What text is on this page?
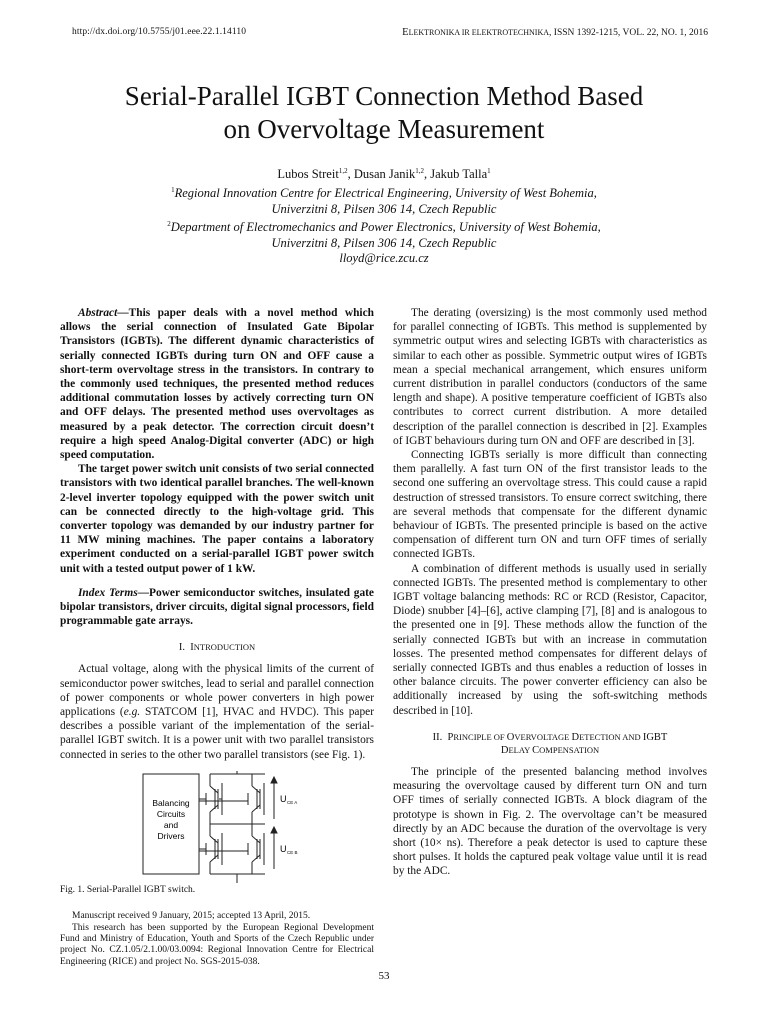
http://dx.doi.org/10.5755/j01.eee.22.1.14110	ELEKTRONIKA IR ELEKTROTECHNIKA, ISSN 1392-1215, VOL. 22, NO. 1, 2016
Serial-Parallel IGBT Connection Method Based
on Overvoltage Measurement
Lubos Streit$^{1,2}$, Dusan Janik$^{1,2}$, Jakub Talla$^1$
$^1$Regional Innovation Centre for Electrical Engineering, University of West Bohemia,
Univerzitni 8, Pilsen 306 14, Czech Republic
$^2$Department of Electromechanics and Power Electronics, University of West Bohemia,
Univerzitni 8, Pilsen 306 14, Czech Republic
lloyd@rice.zcu.cz

Abstract—This paper deals with a novel method which allows the serial connection of Insulated Gate Bipolar Transistors (IGBTs). The different dynamic characteristics of serially connected IGBTs during turn ON and OFF cause a short-term overvoltage stress in the transistors. In contrary to the commonly used techniques, the presented method reduces additional commutation losses by actively correcting turn ON and OFF delays. The presented method uses overvoltages as measured by a peak detector. The correction circuit doesn’t require a high speed Analog-Digital converter (ADC) or high speed computation.

The target power switch unit consists of two serial connected transistors with two identical parallel branches. The well-known 2-level inverter topology equipped with the power switch unit can be connected directly to the high-voltage grid. This converter topology was demanded by our industry partner for 11 MW mining machines. The paper contains a laboratory experiment conducted on a serial-parallel IGBT power switch unit with a tested output power of 1 kW.

Index Terms—Power semiconductor switches, insulated gate bipolar transistors, driver circuits, digital signal processors, field programmable gate arrays.

I. INTRODUCTION

Actual voltage, along with the physical limits of the current of semiconductor power switches, lead to serial and parallel connection of power components or whole power converters in high power applications (e.g. STATCOM [1], HVAC and HVDC). This paper describes a possible variant of the implementation of the serial-parallel IGBT switch. It is a power unit with two parallel transistors connected in series to the other two parallel transistors (see Fig. 1).

Balancing
Circuits
and
Drivers
U CE A
U CE B

Fig. 1. Serial-Parallel IGBT switch.

Manuscript received 9 January, 2015; accepted 13 April, 2015.

This research has been supported by the European Regional Development Fund and Ministry of Education, Youth and Sports of the Czech Republic under project No. CZ.1.05/2.1.00/03.0094: Regional Innovation Centre for Electrical Engineering (RICE) and project No. SGS-2015-038.

The derating (oversizing) is the most commonly used method for parallel connecting of IGBTs. This method is supplemented by symmetric output wires and selecting IGBTs with characteristics as similar to each other as possible. Symmetric output wires of IGBTs mean a special mechanical arrangement, which ensures uniform current distribution in parallel conductors (conductors of the same length and shape). A positive temperature coefficient of IGBTs also contributes to correct current distribution. A more detailed description of the parallel connection is described in [2]. Examples of IGBT behaviours during turn ON and OFF are described in [3].

Connecting IGBTs serially is more difficult than connecting them parallelly. A fast turn ON of the first transistor leads to the second one suffering an overvoltage stress. This could cause a rapid destruction of stressed transistors. To ensure correct switching, there are several methods that compensate for the different dynamic behaviour of IGBTs. The presented principle is based on the active compensation of different turn ON and turn OFF times of serially connected IGBTs.

A combination of different methods is usually used in serially connected IGBTs. The presented method is complementary to other IGBT voltage balancing methods: RC or RCD (Resistor, Capacitor, Diode) snubber [4]–[6], active clamping [7], [8] and is analogous to the presented one in [9]. These methods allow the function of the serially connected IGBTs but with an increase in commutation losses. The presented method compensates for different delays of serially connected IGBTs and thus enables a reduction of losses in other balance circuits. The power converter efficiency can also be additionally increased by using the soft-switching methods described in [10].

II. PRINCIPLE OF OVERVOLTAGE DETECTION AND IGBT
DELAY COMPENSATION

The principle of the presented balancing method involves measuring the overvoltage caused by different turn ON and turn OFF times of serially connected IGBTs. A block diagram of the prototype is shown in Fig. 2. The overvoltage can’t be measured directly by an ADC because the duration of the overvoltage is very short (10× ns). Therefore a peak detector is used to capture these short pulses. It holds the captured peak voltage value until it is read by the ADC.

53
